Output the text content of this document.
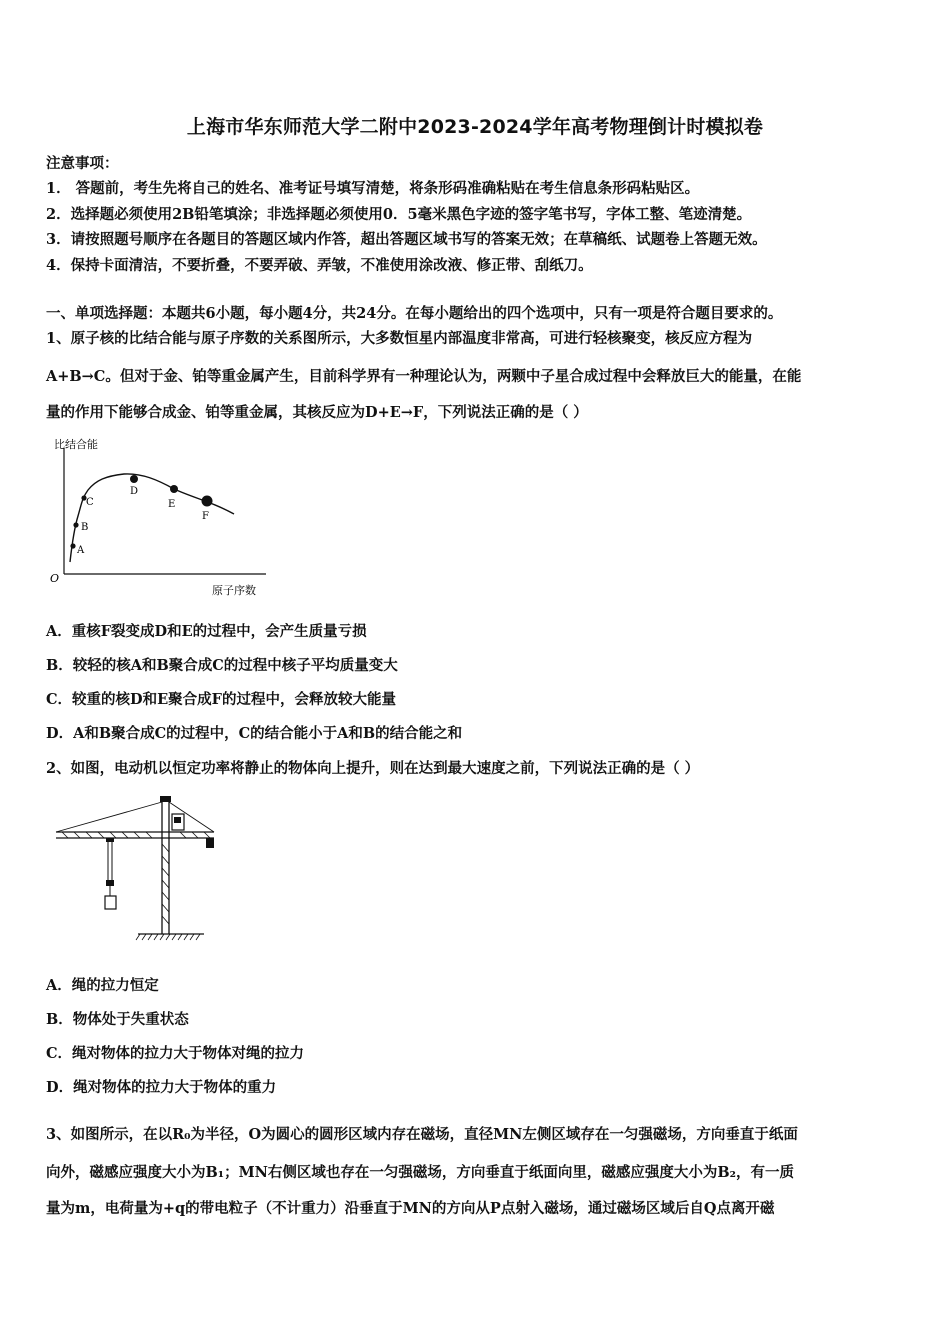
上海市华东师范大学二附中2023-2024学年高考物理倒计时模拟卷
注意事项：
1． 答题前，考生先将自己的姓名、准考证号填写清楚，将条形码准确粘贴在考生信息条形码粘贴区。
2．选择题必须使用2B铅笔填涂；非选择题必须使用0．5毫米黑色字迹的签字笔书写，字体工整、笔迹清楚。
3．请按照题号顺序在各题目的答题区域内作答，超出答题区域书写的答案无效；在草稿纸、试题卷上答题无效。
4．保持卡面清洁，不要折叠，不要弄破、弄皱，不准使用涂改液、修正带、刮纸刀。
一、单项选择题：本题共6小题，每小题4分，共24分。在每小题给出的四个选项中，只有一项是符合题目要求的。
1、原子核的比结合能与原子序数的关系图所示，大多数恒星内部温度非常高，可进行轻核聚变，核反应方程为
A+B→C。但对于金、铂等重金属产生，目前科学界有一种理论认为，两颗中子星合成过程中会释放巨大的能量，在能
量的作用下能够合成金、铂等重金属，其核反应为D+E→F，下列说法正确的是（ ）
比结合能
原子序数
O
A
B
C
D
E
F
A．重核F裂变成D和E的过程中，会产生质量亏损
B．较轻的核A和B聚合成C的过程中核子平均质量变大
C．较重的核D和E聚合成F的过程中，会释放较大能量
D．A和B聚合成C的过程中，C的结合能小于A和B的结合能之和
2、如图，电动机以恒定功率将静止的物体向上提升，则在达到最大速度之前，下列说法正确的是（ ）
A．绳的拉力恒定
B．物体处于失重状态
C．绳对物体的拉力大于物体对绳的拉力
D．绳对物体的拉力大于物体的重力
3、如图所示，在以R₀为半径，O为圆心的圆形区域内存在磁场，直径MN左侧区域存在一匀强磁场，方向垂直于纸面
向外，磁感应强度大小为B₁；MN右侧区域也存在一匀强磁场，方向垂直于纸面向里，磁感应强度大小为B₂，有一质
量为m，电荷量为+q的带电粒子（不计重力）沿垂直于MN的方向从P点射入磁场，通过磁场区域后自Q点离开磁
